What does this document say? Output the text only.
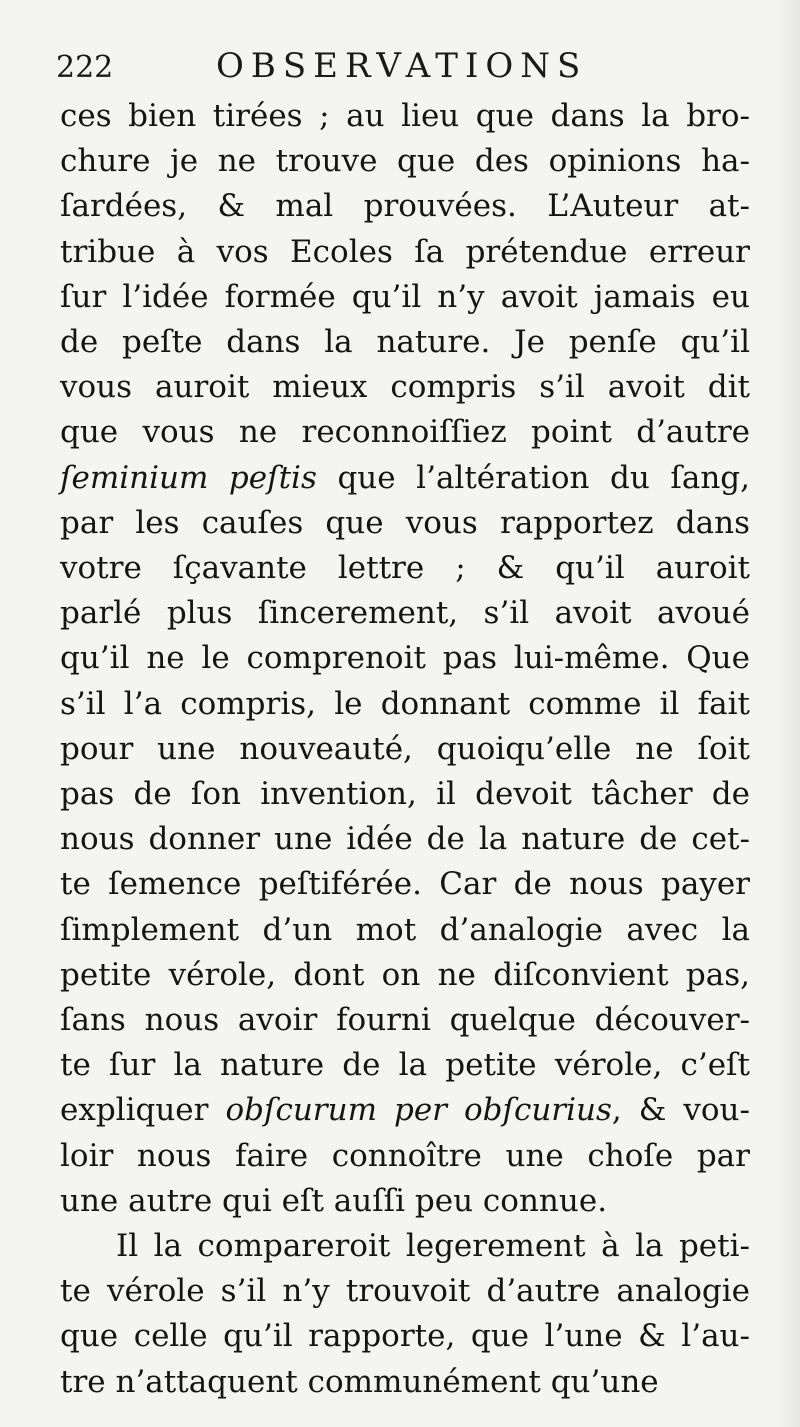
222	OBSERVATIONS
ces bien tirées ; au lieu que dans la bro-
chure je ne trouve que des opinions ha-
ſardées, & mal prouvées. L’Auteur at-
tribue à vos Ecoles ſa prétendue erreur
ſur l’idée formée qu’il n’y avoit jamais eu
de peſte dans la nature. Je penſe qu’il
vous auroit mieux compris s’il avoit dit
que vous ne reconnoiſſiez point d’autre
ſeminium peſtis que l’altération du ſang,
par les cauſes que vous rapportez dans
votre ſçavante lettre ; & qu’il auroit
parlé plus ſincerement, s’il avoit avoué
qu’il ne le comprenoit pas lui-même. Que
s’il l’a compris, le donnant comme il fait
pour une nouveauté, quoiqu’elle ne ſoit
pas de ſon invention, il devoit tâcher de
nous donner une idée de la nature de cet-
te ſemence peſtiférée. Car de nous payer
ſimplement d’un mot d’analogie avec la
petite vérole, dont on ne diſconvient pas,
ſans nous avoir fourni quelque découver-
te ſur la nature de la petite vérole, c’eſt
expliquer obſcurum per obſcurius, & vou-
loir nous faire connoître une choſe par
une autre qui eſt auſſi peu connue.
Il la compareroit legerement à la peti-
te vérole s’il n’y trouvoit d’autre analogie
que celle qu’il rapporte, que l’une & l’au-
tre n’attaquent communément qu’une
